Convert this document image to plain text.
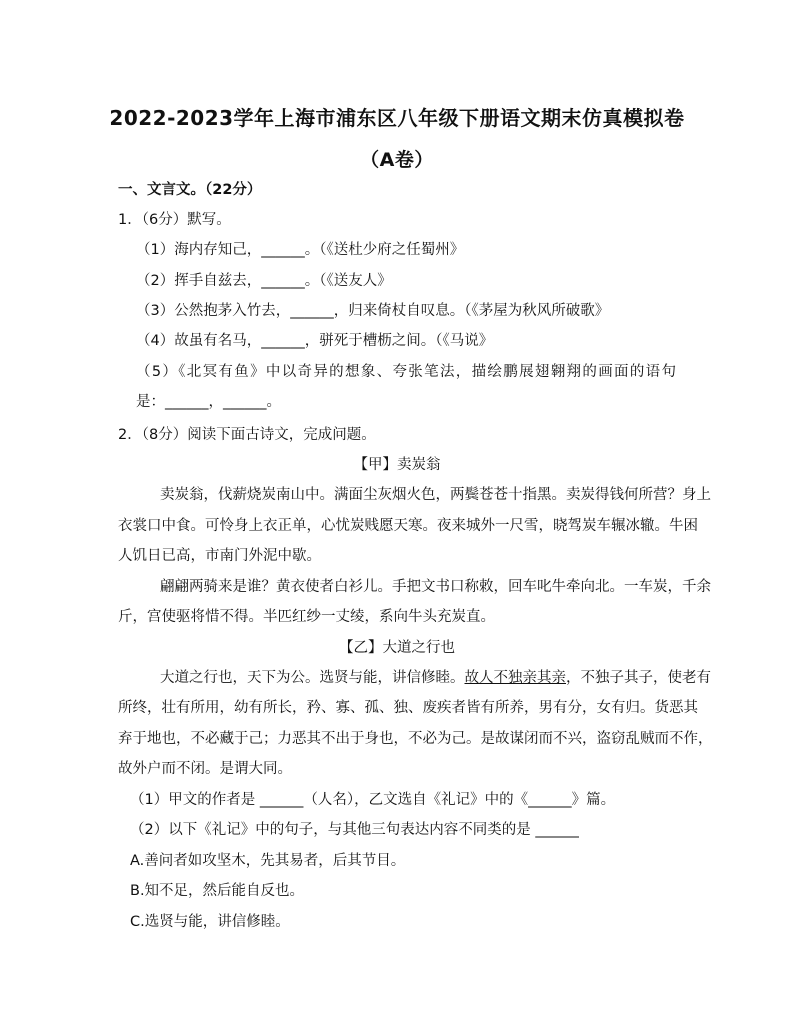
2022-2023学年上海市浦东区八年级下册语文期末仿真模拟卷
（A卷）
一、文言文。（22分）
1．（6分）默写。
（1）海内存知己，______。（《送杜少府之任蜀州》
（2）挥手自兹去，______。（《送友人》
（3）公然抱茅入竹去，______，归来倚杖自叹息。（《茅屋为秋风所破歌》
（4）故虽有名马，______，骈死于槽枥之间。（《马说》
（5）《北冥有鱼》中以奇异的想象、夸张笔法，描绘鹏展翅翱翔的画面的语句
是：______，______。
2．（8分）阅读下面古诗文，完成问题。
【甲】卖炭翁
卖炭翁，伐薪烧炭南山中。满面尘灰烟火色，两鬓苍苍十指黑。卖炭得钱何所营？身上
衣裳口中食。可怜身上衣正单，心忧炭贱愿天寒。夜来城外一尺雪，晓驾炭车辗冰辙。牛困
人饥日已高，市南门外泥中歇。
翩翩两骑来是谁？黄衣使者白衫儿。手把文书口称敕，回车叱牛牵向北。一车炭，千余
斤，宫使驱将惜不得。半匹红纱一丈绫，系向牛头充炭直。
【乙】大道之行也
大道之行也，天下为公。选贤与能，讲信修睦。 故人不独亲其亲 ，不独子其子，使老有
所终，壮有所用，幼有所长，矜、寡、孤、独、废疾者皆有所养，男有分，女有归。货恶其
弃于地也，不必藏于己；力恶其不出于身也，不必为己。是故谋闭而不兴，盗窃乱贼而不作，
故外户而不闭。是谓大同。
（1）甲文的作者是 ______（人名），乙文选自《礼记》中的《______》篇。
（2）以下《礼记》中的句子，与其他三句表达内容不同类的是 ______
A.善问者如攻坚木，先其易者，后其节目。
B.知不足，然后能自反也。
C.选贤与能，讲信修睦。
